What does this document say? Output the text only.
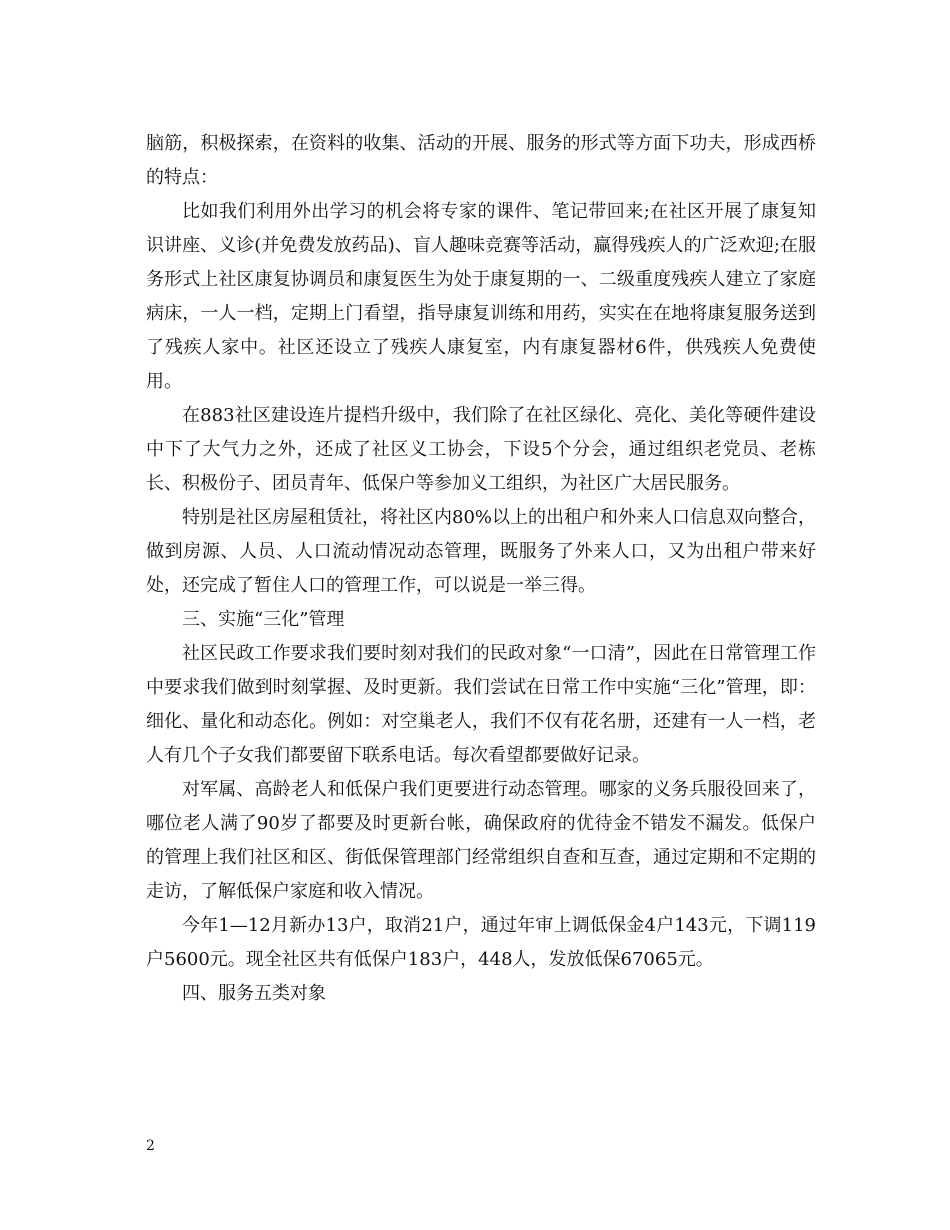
脑筋，积极探索，在资料的收集、活动的开展、服务的形式等方面下功夫，形成西桥的特点：

比如我们利用外出学习的机会将专家的课件、笔记带回来;在社区开展了康复知识讲座、义诊(并免费发放药品)、盲人趣味竞赛等活动，赢得残疾人的广泛欢迎;在服务形式上社区康复协调员和康复医生为处于康复期的一、二级重度残疾人建立了家庭病床，一人一档，定期上门看望，指导康复训练和用药，实实在在地将康复服务送到了残疾人家中。社区还设立了残疾人康复室，内有康复器材6件，供残疾人免费使用。

在883社区建设连片提档升级中，我们除了在社区绿化、亮化、美化等硬件建设中下了大气力之外，还成了社区义工协会，下设5个分会，通过组织老党员、老栋长、积极份子、团员青年、低保户等参加义工组织，为社区广大居民服务。

特别是社区房屋租赁社，将社区内80%以上的出租户和外来人口信息双向整合，做到房源、人员、人口流动情况动态管理，既服务了外来人口，又为出租户带来好处，还完成了暂住人口的管理工作，可以说是一举三得。

三、实施“三化”管理

社区民政工作要求我们要时刻对我们的民政对象“一口清”，因此在日常管理工作中要求我们做到时刻掌握、及时更新。我们尝试在日常工作中实施“三化”管理，即：细化、量化和动态化。例如：对空巢老人，我们不仅有花名册，还建有一人一档，老人有几个子女我们都要留下联系电话。每次看望都要做好记录。

对军属、高龄老人和低保户我们更要进行动态管理。哪家的义务兵服役回来了，哪位老人满了90岁了都要及时更新台帐，确保政府的优待金不错发不漏发。低保户的管理上我们社区和区、街低保管理部门经常组织自查和互查，通过定期和不定期的走访，了解低保户家庭和收入情况。

今年1—12月新办13户，取消21户，通过年审上调低保金4户143元，下调119户5600元。现全社区共有低保户183户，448人，发放低保67065元。

四、服务五类对象

2
